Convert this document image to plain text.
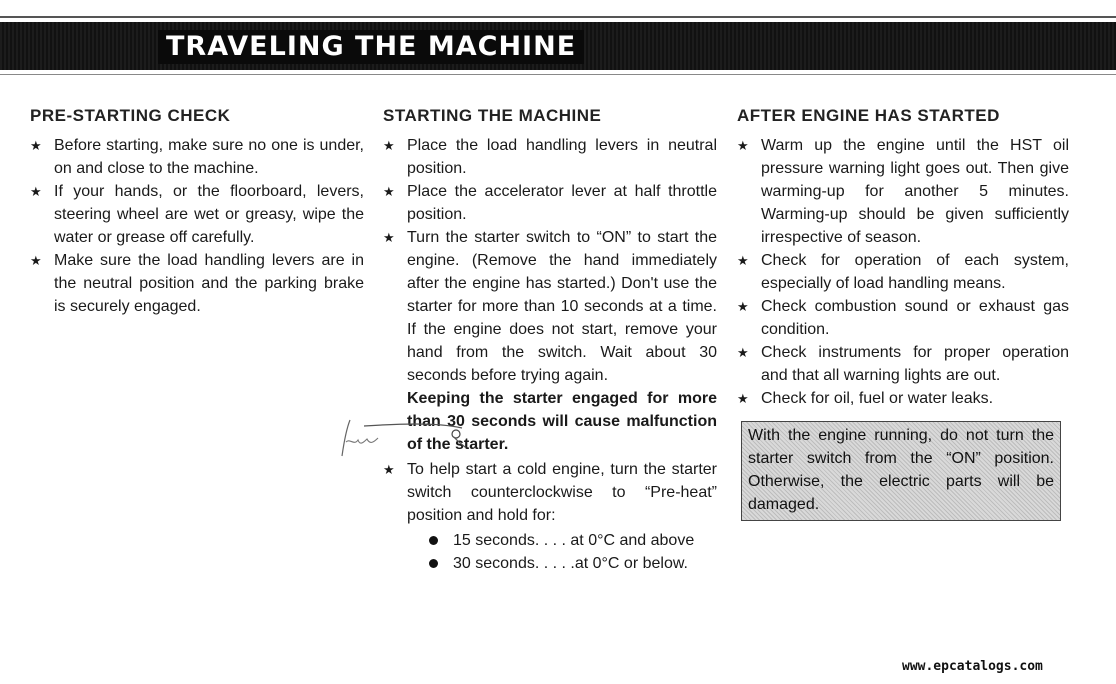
TRAVELING THE MACHINE
PRE-STARTING CHECK
★ Before starting, make sure no one is under, on and close to the machine.
★ If your hands, or the floorboard, levers, steering wheel are wet or greasy, wipe the water or grease off carefully.
★ Make sure the load handling levers are in the neutral position and the parking brake is securely engaged.
STARTING THE MACHINE
★ Place the load handling levers in neutral position.
★ Place the accelerator lever at half throttle position.
★ Turn the starter switch to “ON” to start the engine. (Remove the hand immediately after the engine has started.) Don't use the starter for more than 10 seconds at a time. If the engine does not start, remove your hand from the switch. Wait about 30 seconds before trying again.
Keeping the starter engaged for more than 30 seconds will cause malfunction of the starter.
★ To help start a cold engine, turn the starter switch counterclockwise to “Pre-heat” position and hold for:
15 seconds. . . . at 0°C and above
30 seconds. . . . .at 0°C or below.
AFTER ENGINE HAS STARTED
★ Warm up the engine until the HST oil pressure warning light goes out. Then give warming-up for another 5 minutes. Warming-up should be given sufficiently irrespective of season.
★ Check for operation of each system, especially of load handling means.
★ Check combustion sound or exhaust gas condition.
★ Check instruments for proper operation and that all warning lights are out.
★ Check for oil, fuel or water leaks.
With the engine running, do not turn the starter switch from the “ON” position. Otherwise, the electric parts will be damaged.
www.epcatalogs.com
